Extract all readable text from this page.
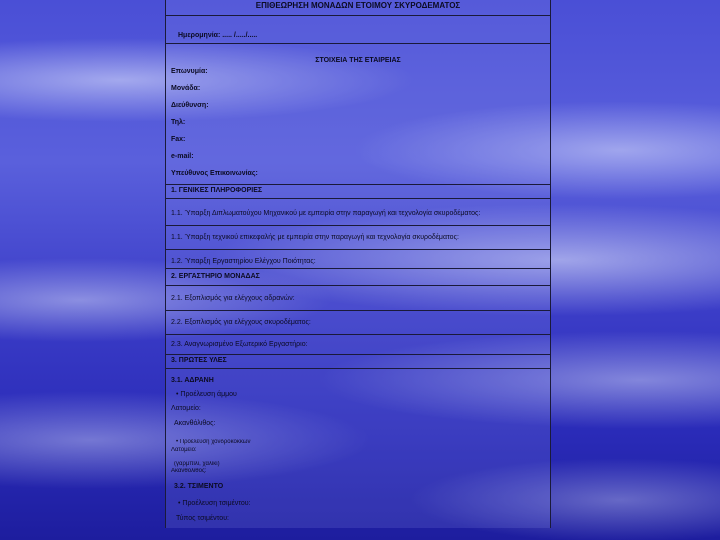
ΕΠΙΘΕΩΡΗΣΗ ΜΟΝΑΔΩΝ ΕΤΟΙΜΟΥ ΣΚΥΡΟΔΕΜΑΤΟΣ
Ημερομηνία: ..... /...../.....
ΣΤΟΙΧΕΙΑ ΤΗΣ ΕΤΑΙΡΕΙΑΣ
Επωνυμία:
Μονάδα:
Διεύθυνση:
Τηλ:
Fax:
e-mail:
Υπεύθυνος Επικοινωνίας:
1. ΓΕΝΙΚΕΣ ΠΛΗΡΟΦΟΡΙΕΣ
1.1. Ύπαρξη Διπλωματούχου Μηχανικού με εμπειρία στην παραγωγή και τεχνολογία σκυροδέματος:
1.1. Ύπαρξη τεχνικού επικεφαλής με εμπειρία στην παραγωγή και τεχνολογία σκυροδέματος:
1.2. Ύπαρξη Εργαστηρίου Ελέγχου Ποιότητας:
2. ΕΡΓΑΣΤΗΡΙΟ ΜΟΝΑΔΑΣ
2.1. Εξοπλισμός για ελέγχους αδρανών:
2.2. Εξοπλισμός για ελέγχους σκυροδέματος:
2.3. Αναγνωρισμένο Εξωτερικό Εργαστήριο:
3. ΠΡΩΤΕΣ ΥΛΕΣ
3.1. ΑΔΡΑΝΗ
• Προέλευση άμμου
Λατομείο:
Ακανθόλιθος:
• Προέλευση χονδρόκοκκων
Λατομείο:
(γαρμπίλι, χαλίκι)
Ακανθόλιθος:
3.2. ΤΣΙΜΕΝΤΟ
• Προέλευση τσιμέντου:
Τύπος τσιμέντου:
